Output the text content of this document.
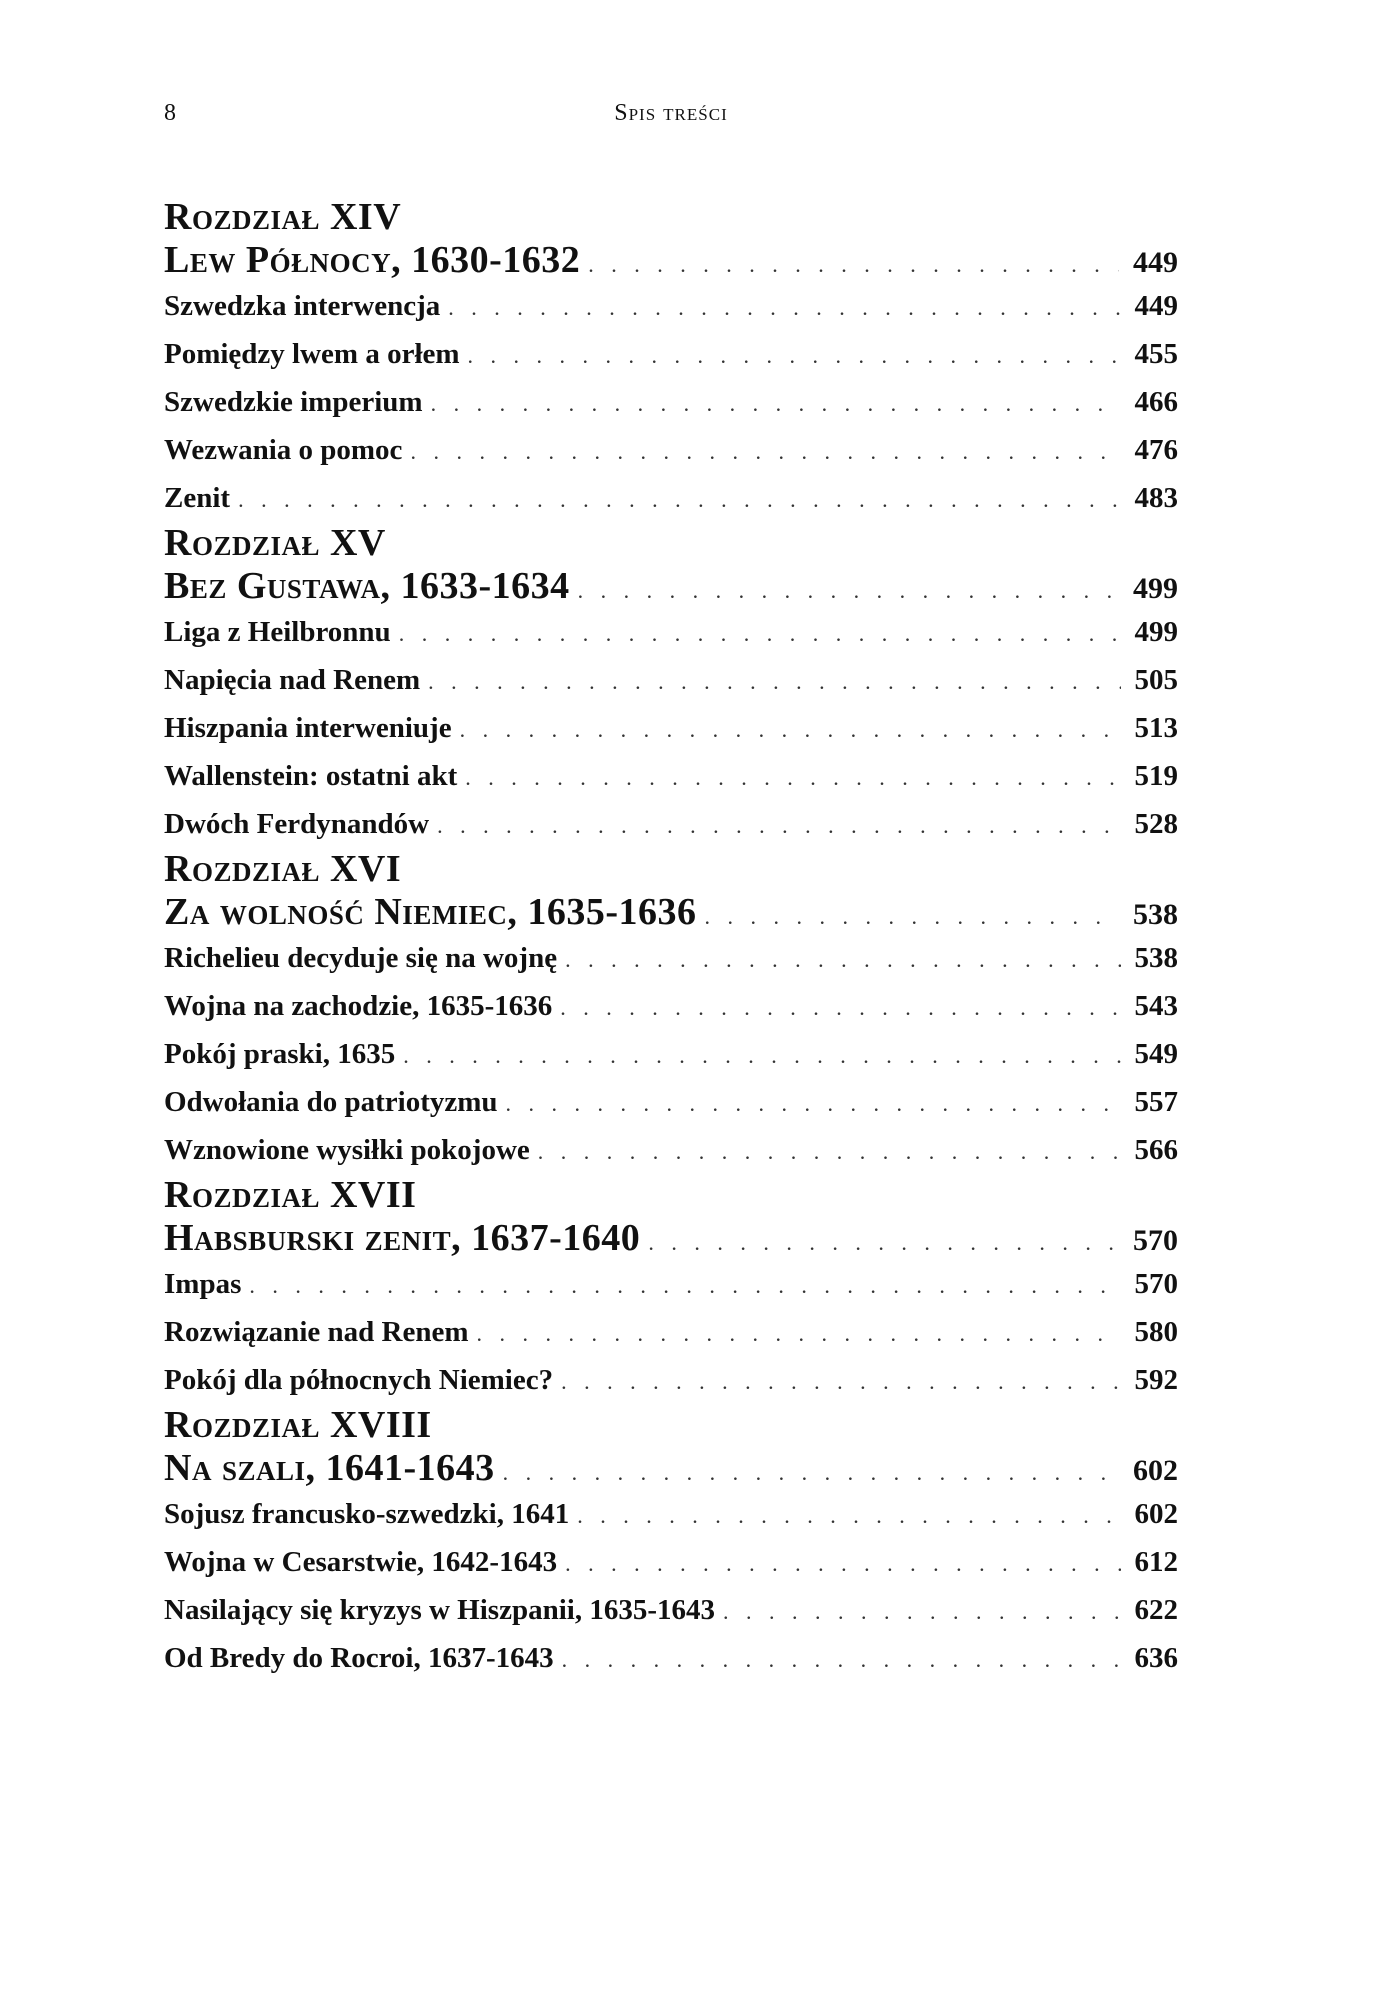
8	Spis treści
Rozdział XIV
Lew Północy, 1630-1632 . . .	449
Szwedzka interwencja . . .	449
Pomiędzy lwem a orłem . . .	455
Szwedzkie imperium . . .	466
Wezwania o pomoc . . .	476
Zenit . . .	483
Rozdział XV
Bez Gustawa, 1633-1634 . . .	499
Liga z Heilbronnu . . .	499
Napięcia nad Renem . . .	505
Hiszpania interweniuje . . .	513
Wallenstein: ostatni akt . . .	519
Dwóch Ferdynandów . . .	528
Rozdział XVI
Za wolność Niemiec, 1635-1636 . . .	538
Richelieu decyduje się na wojnę . . .	538
Wojna na zachodzie, 1635-1636 . . .	543
Pokój praski, 1635 . . .	549
Odwołania do patriotyzmu . . .	557
Wznowione wysiłki pokojowe . . .	566
Rozdział XVII
Habsburski zenit, 1637-1640 . . .	570
Impas . . .	570
Rozwiązanie nad Renem . . .	580
Pokój dla północnych Niemiec? . . .	592
Rozdział XVIII
Na szali, 1641-1643 . . .	602
Sojusz francusko-szwedzki, 1641 . . .	602
Wojna w Cesarstwie, 1642-1643 . . .	612
Nasilający się kryzys w Hiszpanii, 1635-1643 . . .	622
Od Bredy do Rocroi, 1637-1643 . . .	636
